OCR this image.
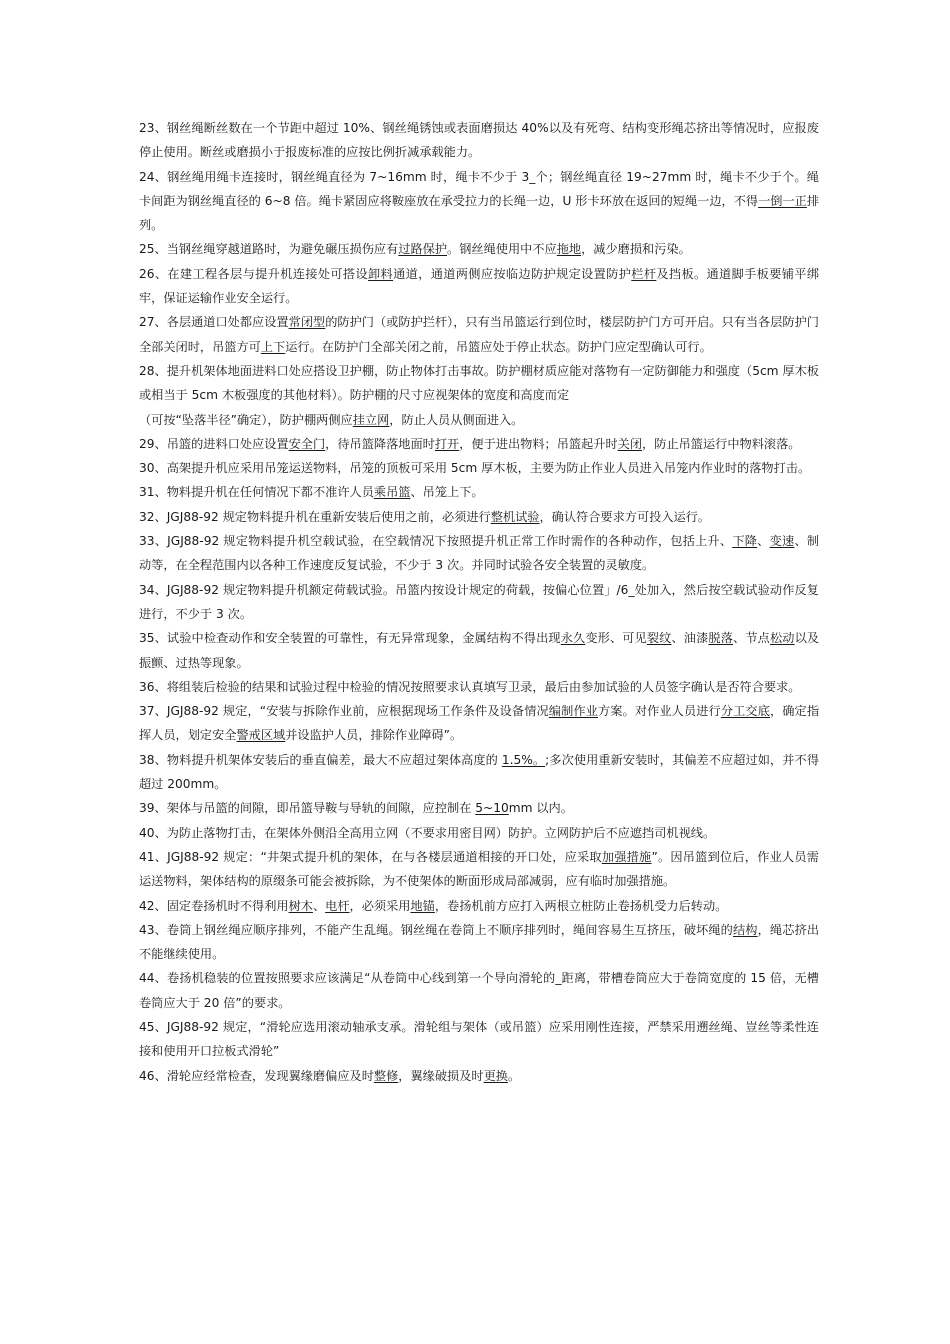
23、钢丝绳断丝数在一个节距中超过 10%、钢丝绳锈蚀或表面磨损达 40%以及有死弯、结构变形绳芯挤出等情况时，应报废停止使用。断丝或磨损小于报废标准的应按比例折减承载能力。

24、钢丝绳用绳卡连接时，钢丝绳直径为 7~16mm 时，绳卡不少于 3_个；钢丝绳直径 19~27mm 时，绳卡不少于个。绳卡间距为钢丝绳直径的 6~8 倍。绳卡紧固应将鞍座放在承受拉力的长绳一边，U 形卡环放在返回的短绳一边，不得一倒一正排列。

25、当钢丝绳穿越道路时，为避免碾压损伤应有过路保护。钢丝绳使用中不应拖地，减少磨损和污染。

26、在建工程各层与提升机连接处可搭设卸料通道，通道两侧应按临边防护规定设置防护栏杆及挡板。通道脚手板要铺平绑牢，保证运输作业安全运行。

27、各层通道口处都应设置常闭型的防护门（或防护拦杆），只有当吊篮运行到位时，楼层防护门方可开启。只有当各层防护门全部关闭时，吊篮方可上下运行。在防护门全部关闭之前，吊篮应处于停止状态。防护门应定型确认可行。

28、提升机架体地面进料口处应搭设卫护棚，防止物体打击事故。防护棚材质应能对落物有一定防御能力和强度（5cm 厚木板或相当于 5cm 木板强度的其他材料）。防护棚的尺寸应视架体的宽度和高度而定

（可按“坠落半径”确定），防护棚两侧应挂立网，防止人员从侧面进入。

29、吊篮的进料口处应设置安全门，待吊篮降落地面时打开，便于进出物料；吊篮起升时关闭，防止吊篮运行中物料滚落。

30、高架提升机应采用吊笼运送物料，吊笼的顶板可采用 5cm 厚木板，主要为防止作业人员进入吊笼内作业时的落物打击。

31、物料提升机在任何情况下都不准许人员乘吊篮、吊笼上下。

32、JGJ88-92 规定物料提升机在重新安装后使用之前，必须进行整机试验，确认符合要求方可投入运行。

33、JGJ88-92 规定物料提升机空载试验，在空载情况下按照提升机正常工作时需作的各种动作，包括上升、下降、变速、制动等，在全程范围内以各种工作速度反复试验，不少于 3 次。并同时试验各安全装置的灵敏度。

34、JGJ88-92 规定物料提升机额定荷载试验。吊篮内按设计规定的荷载，按偏心位置」/6_处加入，然后按空载试验动作反复进行，不少于 3 次。

35、试验中检查动作和安全装置的可靠性，有无异常现象，金属结构不得出现永久变形、可见裂纹、油漆脱落、节点松动以及振颤、过热等现象。

36、将组装后检验的结果和试验过程中检验的情况按照要求认真填写卫录，最后由参加试验的人员签字确认是否符合要求。

37、JGJ88-92 规定，“安装与拆除作业前，应根据现场工作条件及设备情况编制作业方案。对作业人员进行分工交底，确定指挥人员，划定安全警戒区域并设监护人员，排除作业障碍”。

38、物料提升机架体安装后的垂直偏差，最大不应超过架体高度的 1.5%。;多次使用重新安装时，其偏差不应超过如，并不得超过 200mm。

39、架体与吊篮的间隙，即吊篮导鞍与导轨的间隙，应控制在 5~10mm 以内。

40、为防止落物打击，在架体外侧沿全高用立网（不要求用密目网）防护。立网防护后不应遮挡司机视线。

41、JGJ88-92 规定：“井架式提升机的架体，在与各楼层通道相接的开口处，应采取加强措施”。因吊篮到位后，作业人员需运送物料，架体结构的原缀条可能会被拆除，为不使架体的断面形成局部减弱，应有临时加强措施。

42、固定卷扬机时不得利用树木、电杆，必须采用地锚，卷扬机前方应打入两根立桩防止卷扬机受力后转动。

43、卷筒上钢丝绳应顺序排列，不能产生乱绳。钢丝绳在卷筒上不顺序排列时，绳间容易生互挤压，破坏绳的结构，绳芯挤出不能继续使用。

44、卷扬机稳装的位置按照要求应该满足“从卷筒中心线到第一个导向滑轮的_距离，带槽卷筒应大于卷筒宽度的 15 倍，无槽卷筒应大于 20 倍”的要求。

45、JGJ88-92 规定，“滑轮应选用滚动轴承支承。滑轮组与架体（或吊篮）应采用刚性连接，严禁采用遡丝绳、豈丝等柔性连接和使用开口拉板式滑轮”

46、滑轮应经常检查，发现翼缘磨偏应及时整修，翼缘破损及时更换。
